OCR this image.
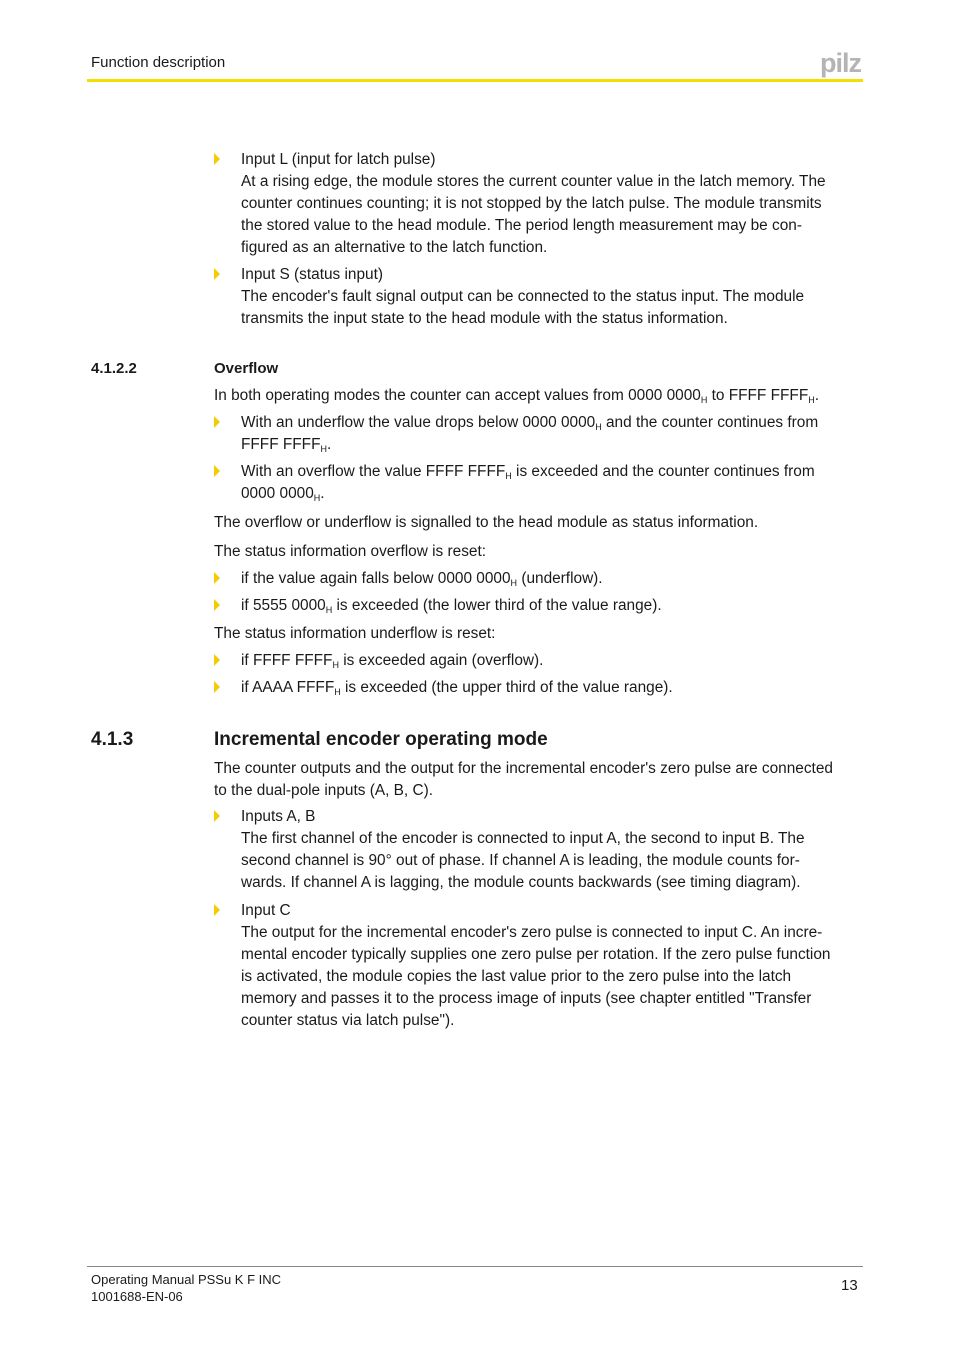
Function description	pilz
Input L (input for latch pulse)
At a rising edge, the module stores the current counter value in the latch memory. The
counter continues counting; it is not stopped by the latch pulse. The module transmits
the stored value to the head module. The period length measurement may be con-
figured as an alternative to the latch function.
Input S (status input)
The encoder's fault signal output can be connected to the status input. The module
transmits the input state to the head module with the status information.
4.1.2.2	Overflow
In both operating modes the counter can accept values from 0000 $0000_H$ to FFFF $FFFF_H$.
With an underflow the value drops below 0000 $0000_H$ and the counter continues from
FFFF $FFFF_H$.
With an overflow the value FFFF $FFFF_H$ is exceeded and the counter continues from
0000 $0000_H$.
The overflow or underflow is signalled to the head module as status information.
The status information overflow is reset:
if the value again falls below 0000 $0000_H$ (underflow).
if 5555 $0000_H$ is exceeded (the lower third of the value range).
The status information underflow is reset:
if FFFF $FFFF_H$ is exceeded again (overflow).
if AAAA $FFFF_H$ is exceeded (the upper third of the value range).
4.1.3	Incremental encoder operating mode
The counter outputs and the output for the incremental encoder's zero pulse are connected
to the dual-pole inputs (A, B, C).
Inputs A, B
The first channel of the encoder is connected to input A, the second to input B. The
second channel is 90° out of phase. If channel A is leading, the module counts for-
wards. If channel A is lagging, the module counts backwards (see timing diagram).
Input C
The output for the incremental encoder's zero pulse is connected to input C. An incre-
mental encoder typically supplies one zero pulse per rotation. If the zero pulse function
is activated, the module copies the last value prior to the zero pulse into the latch
memory and passes it to the process image of inputs (see chapter entitled "Transfer
counter status via latch pulse").
Operating Manual PSSu K F INC
1001688-EN-06
13
